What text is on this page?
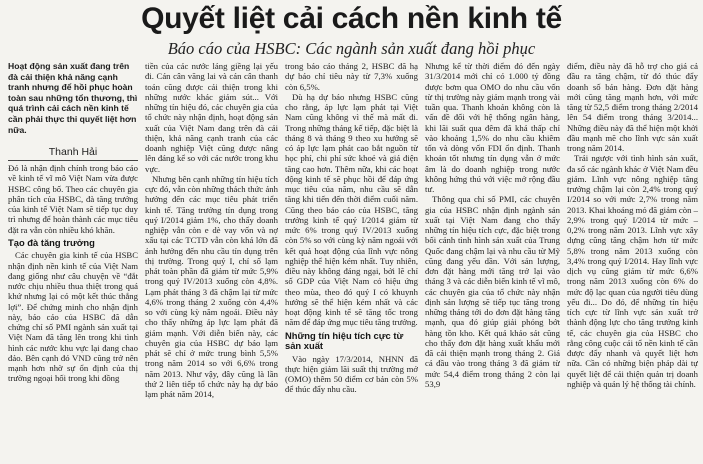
Quyết liệt cải cách nền kinh tế
Báo cáo của HSBC: Các ngành sản xuất đang hồi phục
Hoạt động sản xuất đang trên đà cải thiện khả năng cạnh tranh nhưng để hồi phục hoàn toàn sau những tổn thương, thì quá trình cải cách nền kinh tế cần phải thực thi quyết liệt hơn nữa.
Thanh Hải

Đó là nhận định chính trong báo cáo về kinh tế vĩ mô Việt Nam vừa được HSBC công bố. Theo các chuyên gia phân tích của HSBC, đà tăng trưởng của kinh tế Việt Nam sẽ tiếp tục duy trì nhưng để hoàn thành các mục tiêu đặt ra vẫn còn nhiều khó khăn.

Tạo đà tăng trưởng

Các chuyên gia kinh tế của HSBC nhận định nền kinh tế của Việt Nam đang giống như câu chuyện về “đắt nước chịu nhiều thua thiệt trong quá khứ nhưng lại có một kết thúc thắng lợi”. Để chứng minh cho nhận định này, báo cáo của HSBC đã dẫn chứng chỉ số PMI ngành sản xuất tại Việt Nam đã tăng lên trong khi tình hình các nước khu vực lại đang chao đảo. Bên cạnh đó VND cũng trở nên mạnh hơn nhờ sự ổn định của thị trường ngoại hối trong khi đồng

tiền của các nước láng giềng lại yếu đi. Cán cân vãng lai và cán cân thanh toán cũng được cải thiện trong khi những nước khác giảm sút... Với những tín hiệu đó, các chuyên gia của tổ chức này nhận định, hoạt động sản xuất của Việt Nam đang trên đà cải thiện, khả năng cạnh tranh của các doanh nghiệp Việt cũng được nâng lên đáng kể so với các nước trong khu vực.

Nhưng bên cạnh những tín hiệu tích cực đó, vẫn còn những thách thức ảnh hưởng đến các mục tiêu phát triển kinh tế. Tăng trưởng tín dụng trong quý I/2014 giảm 1%, cho thấy doanh nghiệp vẫn còn e dè vay vốn và nợ xấu tại các TCTD vẫn còn khá lớn đã ảnh hưởng đến nhu cầu tín dụng trên thị trường. Trong quý I, chỉ số lạm phát toàn phần đã giảm từ mức 5,9% trong quý IV/2013 xuống còn 4,8%. Lạm phát tháng 3 đã chậm lại từ mức 4,6% trong tháng 2 xuống còn 4,4% so với cùng kỳ năm ngoái. Điều này cho thấy những áp lực lạm phát đã giảm mạnh. Với diễn biến này, các chuyên gia của HSBC dự báo lạm phát sẽ chỉ ở mức trung bình 5,5% trong năm 2014 so với 6,6% trong năm 2013. Như vậy, đây cũng là lần thứ 2 liên tiếp tổ chức này hạ dự báo lạm phát năm 2014,

trong báo cáo tháng 2, HSBC đã hạ dự báo chỉ tiêu này từ 7,3% xuống còn 6,5%.

Dù hạ dự báo nhưng HSBC cũng cho rằng, áp lực lạm phát tại Việt Nam cũng không vì thế mà mất đi. Trong những tháng kế tiếp, đặc biệt là tháng 8 và tháng 9 theo xu hướng sẽ có áp lực lạm phát cao bắt nguồn từ học phí, chi phí sức khoẻ và giá điện tăng cao hơn. Thêm nữa, khi các hoạt động kinh tế sẽ phục hồi để đáp ứng mục tiêu của năm, nhu cầu sẽ dẫn tăng khi tiến đến thời điểm cuối năm. Cũng theo báo cáo của HSBC, tăng trưởng kinh tế quý I/2014 giảm từ mức 6% trong quý IV/2013 xuống còn 5% so với cùng kỳ năm ngoái với kết quả hoạt động của lĩnh vực nông nghiệp thể hiện kém nhất. Tuy nhiên, điều này không đáng ngại, bởi lẽ chỉ số GDP của Việt Nam có hiệu ứng theo mùa, theo đó quý I có khuynh hướng sẽ thể hiện kém nhất và các hoạt động kinh tế sẽ tăng tốc trong năm để đáp ứng mục tiêu tăng trưởng.

Những tín hiệu tích cực từ sản xuất

Vào ngày 17/3/2014, NHNN đã thực hiện giảm lãi suất thị trường mở (OMO) thêm 50 điểm cơ bản còn 5% để thúc đẩy nhu cầu.

Nhưng kể từ thời điểm đó đến ngày 31/3/2014 mới chỉ có 1.000 tỷ đồng được bơm qua OMO do nhu cầu vốn từ thị trường này giảm mạnh trong vài tuần qua. Thanh khoản không còn là vấn đề đối với hệ thống ngân hàng, khi lãi suất qua đêm đã khá thấp chỉ vào khoảng 1,5% do nhu cầu khiêm tốn và dòng vốn FDI ổn định. Thanh khoản tốt nhưng tín dụng vẫn ở mức âm là do doanh nghiệp trong nước không hứng thú với việc mở rộng đầu tư.

Thông qua chỉ số PMI, các chuyên gia của HSBC nhận định ngành sản xuất tại Việt Nam đang cho thấy những tín hiệu tích cực, đặc biệt trong bối cảnh tình hình sản xuất của Trung Quốc đang chậm lại và nhu cầu từ Mỹ cũng đang yếu dần. Với sản lượng, đơn đặt hàng mới tăng trở lại vào tháng 3 và các diễn biến kinh tế vĩ mô, các chuyên gia của tổ chức này nhận định sản lượng sẽ tiếp tục tăng trong những tháng tới do đơn đặt hàng tăng mạnh, qua đó giúp giải phóng bớt hàng tồn kho. Kết quả khảo sát cũng cho thấy đơn đặt hàng xuất khẩu mới đã cải thiện mạnh trong tháng 2. Giá cả đầu vào trong tháng 3 đã giảm từ mức 54,4 điểm trong tháng 2 còn lại 53,9

điểm, điều này đã hỗ trợ cho giá cả đầu ra tăng chậm, từ đó thúc đẩy doanh số bán hàng. Đơn đặt hàng mới cũng tăng mạnh hơn, với mức tăng từ 52,5 điểm trong tháng 2/2014 lên 54 điểm trong tháng 3/2014... Những điều này đã thể hiện một khởi đầu mạnh mẽ cho lĩnh vực sản xuất trong năm 2014.

Trái ngược với tình hình sản xuất, đa số các ngành khác ở Việt Nam đều giảm. Lĩnh vực nông nghiệp tăng trưởng chậm lại còn 2,4% trong quý I/2014 so với mức 2,7% trong năm 2013. Khai khoáng mỏ đã giảm còn – 2,9% trong quý I/2014 từ mức – 0,2% trong năm 2013. Lĩnh vực xây dựng cũng tăng chậm hơn từ mức 5,8% trong năm 2013 xuống còn 3,4% trong quý I/2014. Hay lĩnh vực dịch vụ cũng giảm từ mức 6,6% trong năm 2013 xuống còn 6% do mức độ lạc quan của người tiêu dùng yếu đi... Do đó, để những tín hiệu tích cực từ lĩnh vực sản xuất trở thành động lực cho tăng trưởng kinh tế, các chuyên gia của HSBC cho rằng công cuộc cải tổ nền kinh tế cần được đẩy nhanh và quyết liệt hơn nữa. Cần có những biện pháp dài tự quyết liệt để cải thiện quản trị doanh nghiệp và quản lý hệ thống tài chính.
